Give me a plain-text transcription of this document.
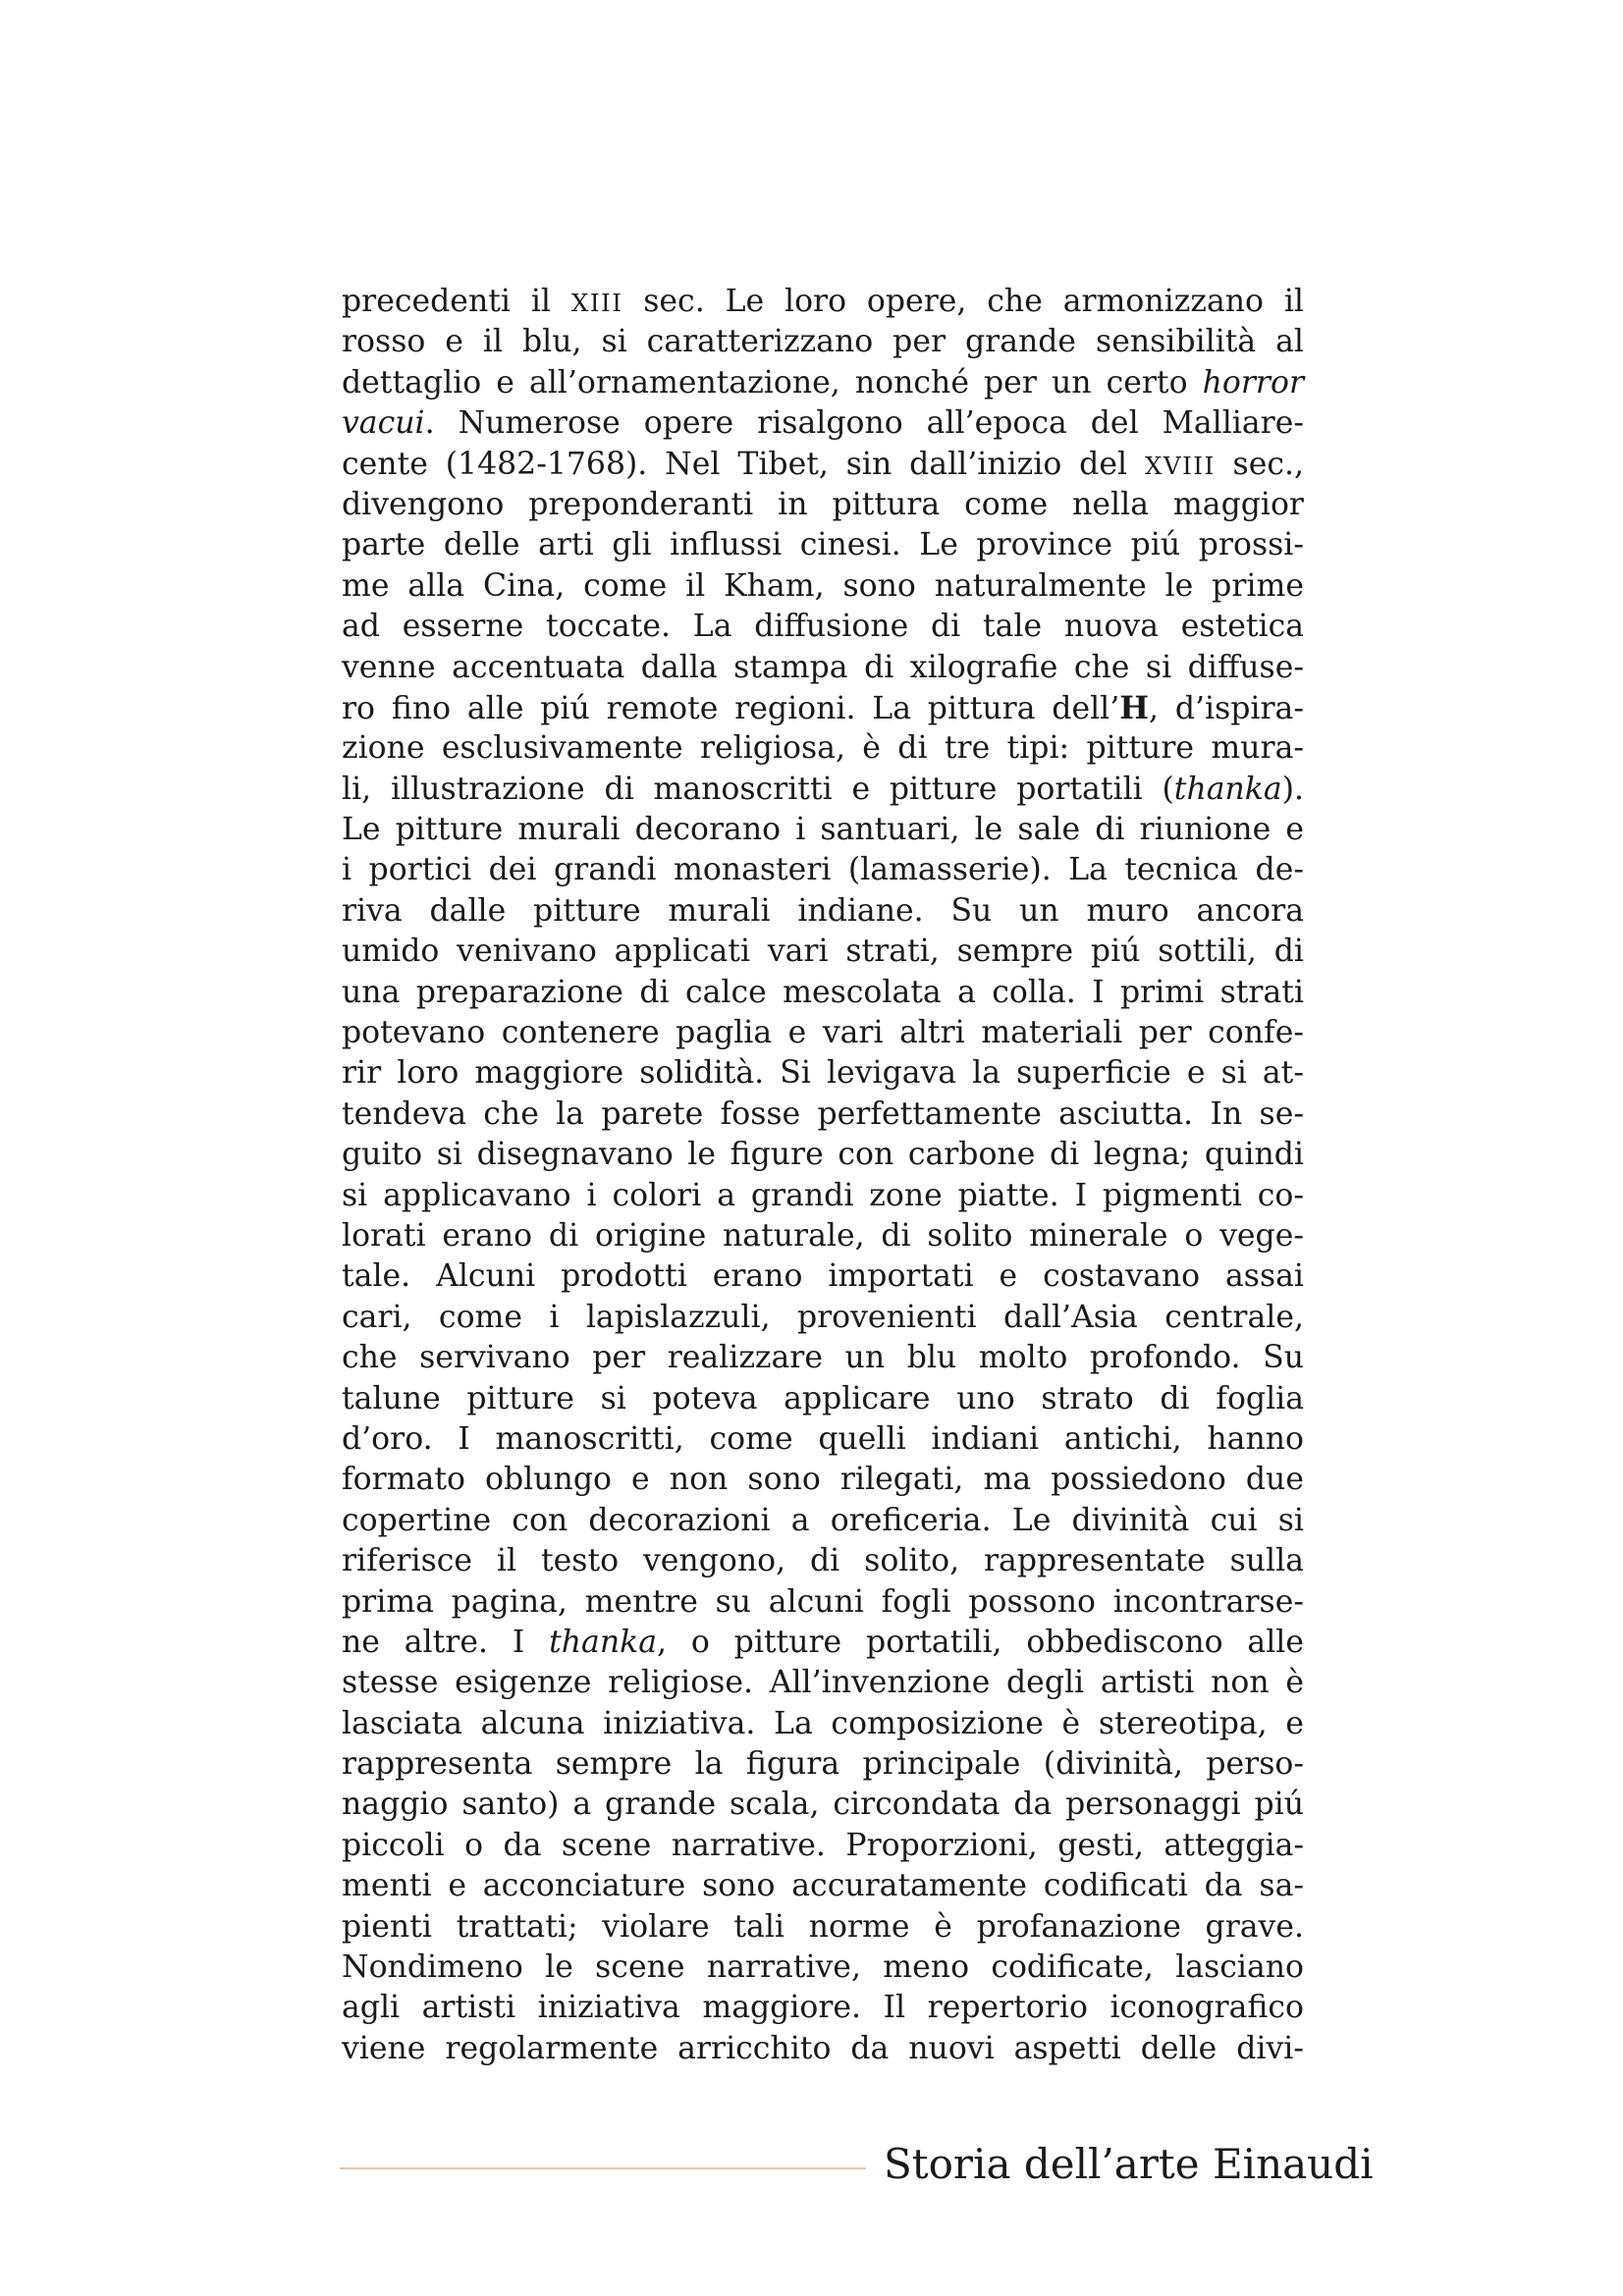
precedenti il XIII sec. Le loro opere, che armonizzano il
rosso e il blu, si caratterizzano per grande sensibilità al
dettaglio e all’ornamentazione, nonché per un certo horror
vacui. Numerose opere risalgono all’epoca del Malliare-
cente (1482-1768). Nel Tibet, sin dall’inizio del XVIII sec.,
divengono preponderanti in pittura come nella maggior
parte delle arti gli influssi cinesi. Le province piú prossi-
me alla Cina, come il Kham, sono naturalmente le prime
ad esserne toccate. La diffusione di tale nuova estetica
venne accentuata dalla stampa di xilografie che si diffuse-
ro fino alle piú remote regioni. La pittura dell’H, d’ispira-
zione esclusivamente religiosa, è di tre tipi: pitture mura-
li, illustrazione di manoscritti e pitture portatili (thanka).
Le pitture murali decorano i santuari, le sale di riunione e
i portici dei grandi monasteri (lamasserie). La tecnica de-
riva dalle pitture murali indiane. Su un muro ancora
umido venivano applicati vari strati, sempre piú sottili, di
una preparazione di calce mescolata a colla. I primi strati
potevano contenere paglia e vari altri materiali per confe-
rir loro maggiore solidità. Si levigava la superficie e si at-
tendeva che la parete fosse perfettamente asciutta. In se-
guito si disegnavano le figure con carbone di legna; quindi
si applicavano i colori a grandi zone piatte. I pigmenti co-
lorati erano di origine naturale, di solito minerale o vege-
tale. Alcuni prodotti erano importati e costavano assai
cari, come i lapislazzuli, provenienti dall’Asia centrale,
che servivano per realizzare un blu molto profondo. Su
talune pitture si poteva applicare uno strato di foglia
d’oro. I manoscritti, come quelli indiani antichi, hanno
formato oblungo e non sono rilegati, ma possiedono due
copertine con decorazioni a oreficeria. Le divinità cui si
riferisce il testo vengono, di solito, rappresentate sulla
prima pagina, mentre su alcuni fogli possono incontrarse-
ne altre. I thanka, o pitture portatili, obbediscono alle
stesse esigenze religiose. All’invenzione degli artisti non è
lasciata alcuna iniziativa. La composizione è stereotipa, e
rappresenta sempre la figura principale (divinità, perso-
naggio santo) a grande scala, circondata da personaggi piú
piccoli o da scene narrative. Proporzioni, gesti, atteggia-
menti e acconciature sono accuratamente codificati da sa-
pienti trattati; violare tali norme è profanazione grave.
Nondimeno le scene narrative, meno codificate, lasciano
agli artisti iniziativa maggiore. Il repertorio iconografico
viene regolarmente arricchito da nuovi aspetti delle divi-
Storia dell’arte Einaudi
